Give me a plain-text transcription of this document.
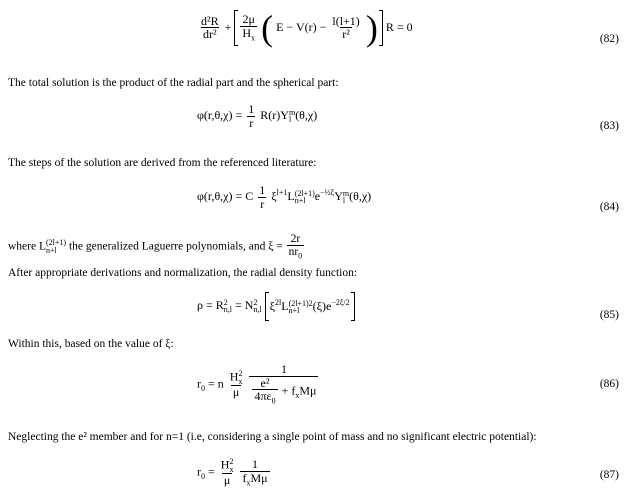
$\frac{\text{d²R}}{\text{dr²}} + \frac{2\mu}{H_x}$ ( $E - V(r) - \frac{l(l+1)}{\text{r²}}$ ) R = 0
(82)
The total solution is the product of the radial part and the spherical part:
$\varphi(r,\theta,\chi) = \frac{1}{r} R(r)Y$ m
l (θ,χ)
(83)
The steps of the solution are derived from the referenced literature:
φ(r,θ,χ) = C $\frac{1}{r} \xi^{l+1}L$ (2l+1)
n+l $e^{-\frac{1}{2}\xi}Y$ m
l (θ,χ)
(84)
where L (2l+1)
n+l the generalized Laguerre polynomials, and $\xi = \frac{2r}{nr_0}$
After appropriate derivations and normalization, the radial density function:
ρ = R 2
n,l = N 2
n,l $\xi^{2l}L$ (2l+1)2
n+l	$(\xi)e^{-2\xi/2}$
(85)
Within this, based on the value of ξ:
$r_0 = n$ H 2
x
μ
$\frac{1}{\frac{\text{e²}}{4\pi\varepsilon_0} + f_xM\mu}$	(86)
Neglecting the e² member and for n=1 (i.e, considering a single point of mass and no significant electric potential):
$r_0 = H$ 2
x
μ
$\frac{1}{f_xM\mu}$	(87)
